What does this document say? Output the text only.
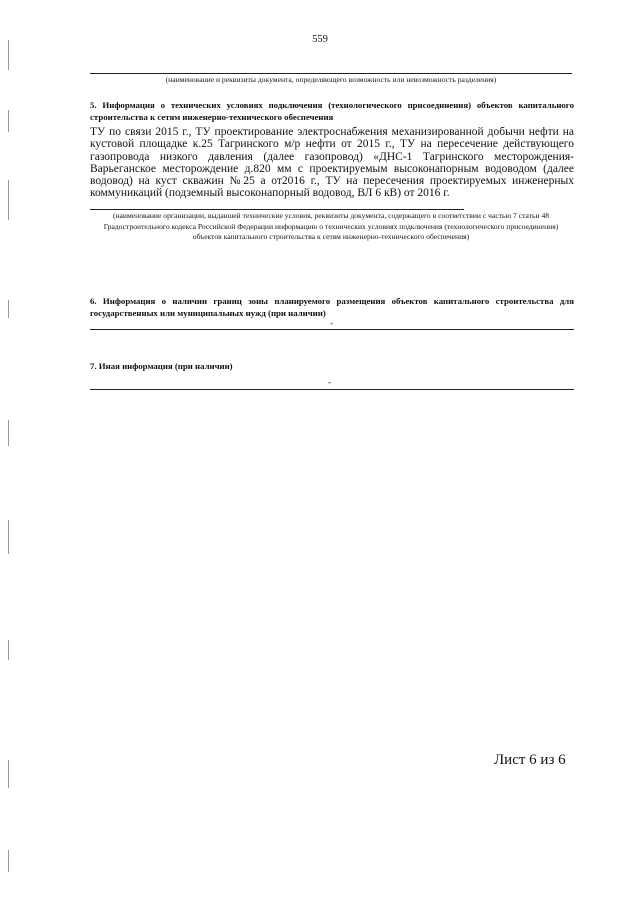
559
(наименование и реквизиты документа, определяющего возможность или невозможность разделения)
5. Информация о технических условиях подключения (технологического присоединения) объектов капитального строительства к сетям инженерно-технического обеспечения
ТУ по связи 2015 г., ТУ проектирование электроснабжения механизированной добычи нефти на кустовой площадке к.25 Тагринского м/р нефти от 2015 г., ТУ на пересечение действующего газопровода низкого давления (далее газопровод) «ДНС-1 Тагринского месторождения-Варьеганское месторождение д.820 мм с проектируемым высоконапорным водоводом (далее водовод) на куст скважин №25 а от2016 г., ТУ на пересечения проектируемых инженерных коммуникаций (подземный высоконапорный водовод, ВЛ 6 кВ) от 2016 г.
(наименование организации, выдавшей технические условия, реквизиты документа, содержащего в соответствии с частью 7 статьи 48 Градостроительного кодекса Российской Федерации информацию о технических условиях подключения (технологического присоединения) объектов капитального строительства к сетям инженерно-технического обеспечения)
6. Информация о наличии границ зоны планируемого размещения объектов капитального строительства для государственных или муниципальных нужд (при наличии)
-
7. Иная информация (при наличии)
-
Лист 6 из 6
